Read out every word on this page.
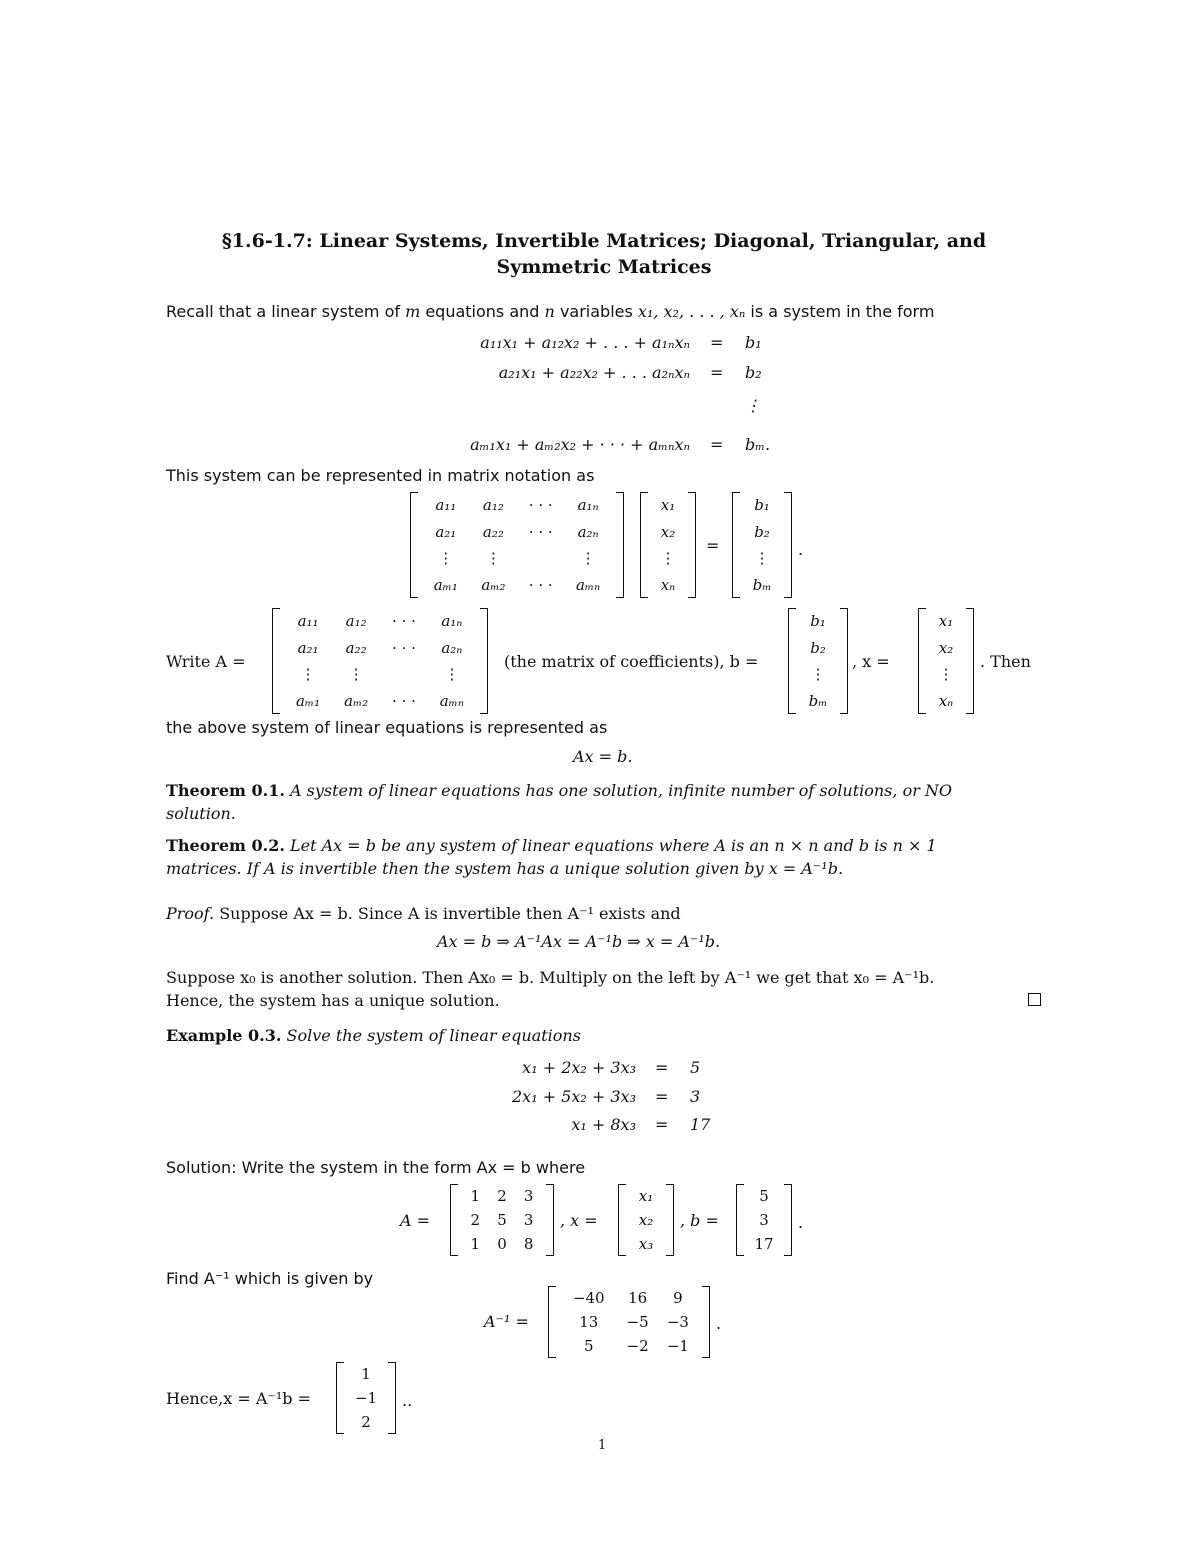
§1.6-1.7: Linear Systems, Invertible Matrices; Diagonal, Triangular, and
Symmetric Matrices
Recall that a linear system of m equations and n variables x₁, x₂, . . . , xₙ is a system in the form
a₁₁x₁ + a₁₂x₂ + . . . + a₁ₙxₙ = b₁
a₂₁x₁ + a₂₂x₂ + . . . a₂ₙxₙ = b₂
⋮
aₘ₁x₁ + aₘ₂x₂ + · · · + aₘₙxₙ = bₘ.
This system can be represented in matrix notation as
a₁₁	a₁₂	· · ·	a₁ₙ
a₂₁	a₂₂	· · ·	a₂ₙ
⋮	⋮		⋮
aₘ₁	aₘ₂	· · ·	aₘₙ
x₁
x₂
⋮
xₙ
=
b₁
b₂
⋮
bₘ
.
Write A =
a₁₁	a₁₂	· · ·	a₁ₙ
a₂₁	a₂₂	· · ·	a₂ₙ
⋮	⋮		⋮
aₘ₁	aₘ₂	· · ·	aₘₙ
(the matrix of coefficients), b =
b₁
b₂
⋮
bₘ
, x =
x₁
x₂
⋮
xₙ
. Then
the above system of linear equations is represented as
Ax = b.
Theorem 0.1. A system of linear equations has one solution, infinite number of solutions, or NO
solution.
Theorem 0.2. Let Ax = b be any system of linear equations where A is an n × n and b is n × 1
matrices. If A is invertible then the system has a unique solution given by x = A⁻¹b.
Proof. Suppose Ax = b. Since A is invertible then A⁻¹ exists and
Ax = b ⇒ A⁻¹Ax = A⁻¹b ⇒ x = A⁻¹b.
Suppose x₀ is another solution. Then Ax₀ = b. Multiply on the left by A⁻¹ we get that x₀ = A⁻¹b.
Hence, the system has a unique solution.
Example 0.3. Solve the system of linear equations
x₁ + 2x₂ + 3x₃ = 5
2x₁ + 5x₂ + 3x₃ = 3
x₁ + 8x₃ = 17
Solution: Write the system in the form Ax = b where
A =
1	2	3
2	5	3
1	0	8
, x =
x₁
x₂
x₃
, b =
5
3
17
.
Find A⁻¹ which is given by
A⁻¹ =
−40	16	9
13	−5	−3
5	−2	−1
.
Hence,x = A⁻¹b =
1
−1
2
..
1
